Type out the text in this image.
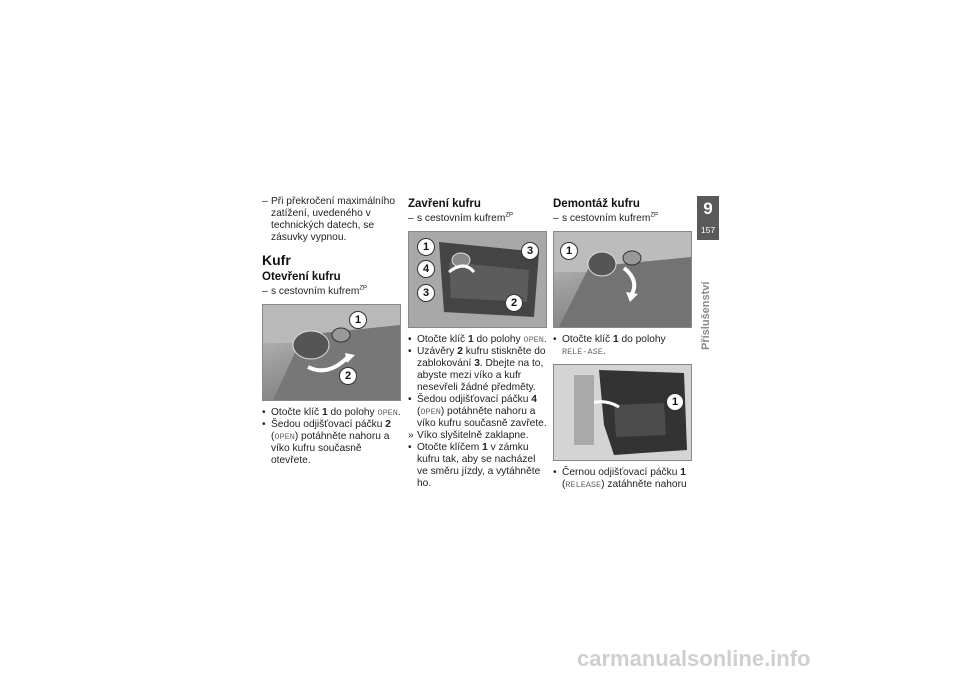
– Při překročení maximálního zatížení, uvedeného v technických datech, se zásuvky vypnou.

Kufr
Otevření kufru

– s cestovním kufrem$^{ZP}$

1
2

• Otočte klíč 1 do polohy OPEN.

• Šedou odjišťovací páčku 2
(OPEN) potáhněte nahoru a víko kufru současně otevřete.

Zavření kufru

– s cestovním kufrem$^{ZP}$

1
4
3
3
2

• Otočte klíč 1 do polohy OPEN.

• Uzávěry 2 kufru stiskněte do zablokování 3. Dbejte na to, abyste mezi víko a kufr nesevřeli žádné předměty.

• Šedou odjišťovací páčku 4
(OPEN) potáhněte nahoru a víko kufru současně zavřete.

» Víko slyšitelně zaklapne.

• Otočte klíčem 1 v zámku kufru tak, aby se nacházel ve směru jízdy, a vytáhněte ho.

Demontáž kufru

– s cestovním kufrem$^{ZP}$

1

• Otočte klíč 1 do polohy RELE-ASE.

1

• Černou odjišťovací páčku 1
(RELEASE) zatáhněte nahoru

9
157
Příslušenství
carmanualsonline.info
